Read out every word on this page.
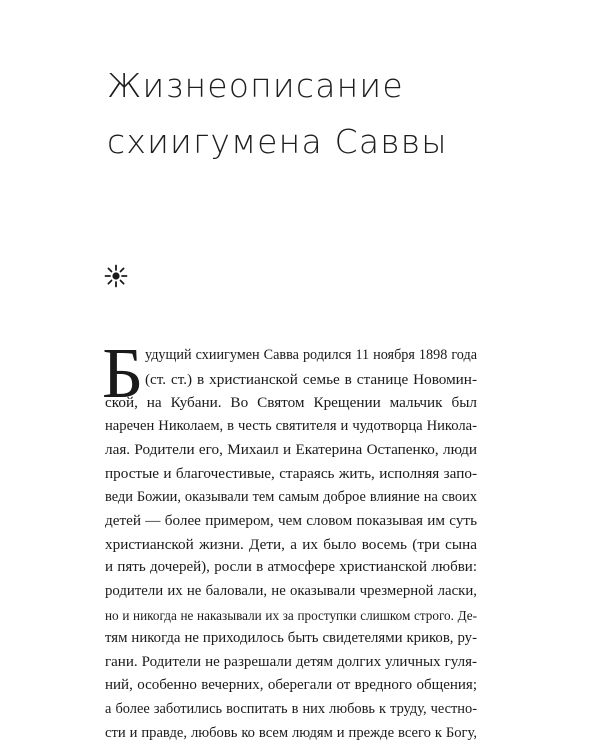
Жизнеописание
схиигумена Саввы
Б удущий схиигумен Савва родился 11 ноября 1898 года
(ст. ст.) в христианской семье в станице Новомин-
ской, на Кубани. Во Святом Крещении мальчик был
наречен Николаем, в честь святителя и чудотворца Никола-
лая. Родители его, Михаил и Екатерина Остапенко, люди
простые и благочестивые, стараясь жить, исполняя запо-
веди Божии, оказывали тем самым доброе влияние на своих
детей — более примером, чем словом показывая им суть
христианской жизни. Дети, а их было восемь (три сына
и пять дочерей), росли в атмосфере христианской любви:
родители их не баловали, не оказывали чрезмерной ласки,
но и никогда не наказывали их за проступки слишком строго. Де-
тям никогда не приходилось быть свидетелями криков, ру-
гани. Родители не разрешали детям долгих уличных гуля-
ний, особенно вечерних, оберегали от вредного общения;
а более заботились воспитать в них любовь к труду, честно-
сти и правде, любовь ко всем людям и прежде всего к Богу,
